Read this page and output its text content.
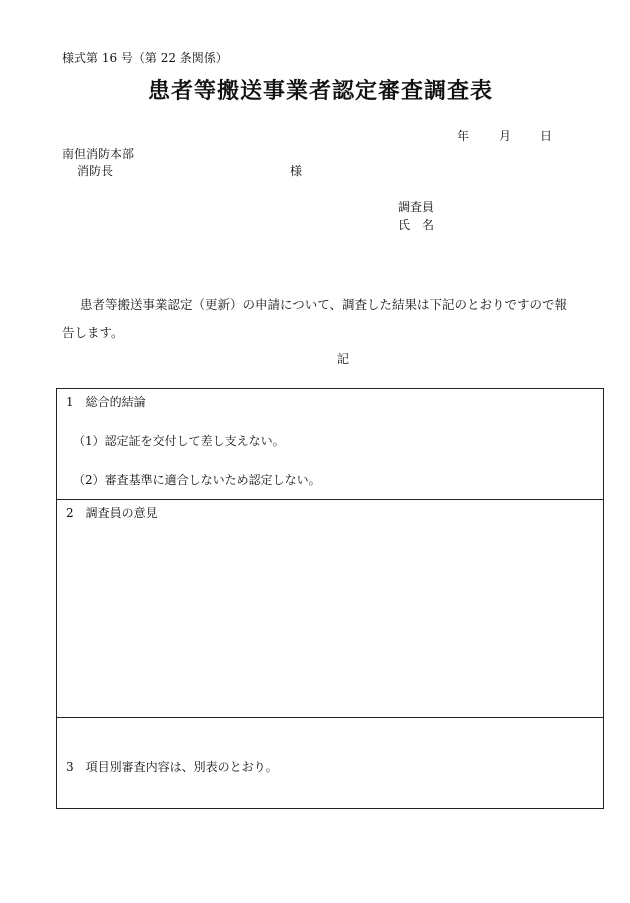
様式第 16 号（第 22 条関係）
患者等搬送事業者認定審査調査表
年 月 日
南但消防本部
消防長	様
調査員
氏　名
患者等搬送事業認定（更新）の申請について、調査した結果は下記のとおりですので報
告します。
記
1　総合的結論
（1）認定証を交付して差し支えない。
（2）審査基準に適合しないため認定しない。
2　調査員の意見
3　項目別審査内容は、別表のとおり。
